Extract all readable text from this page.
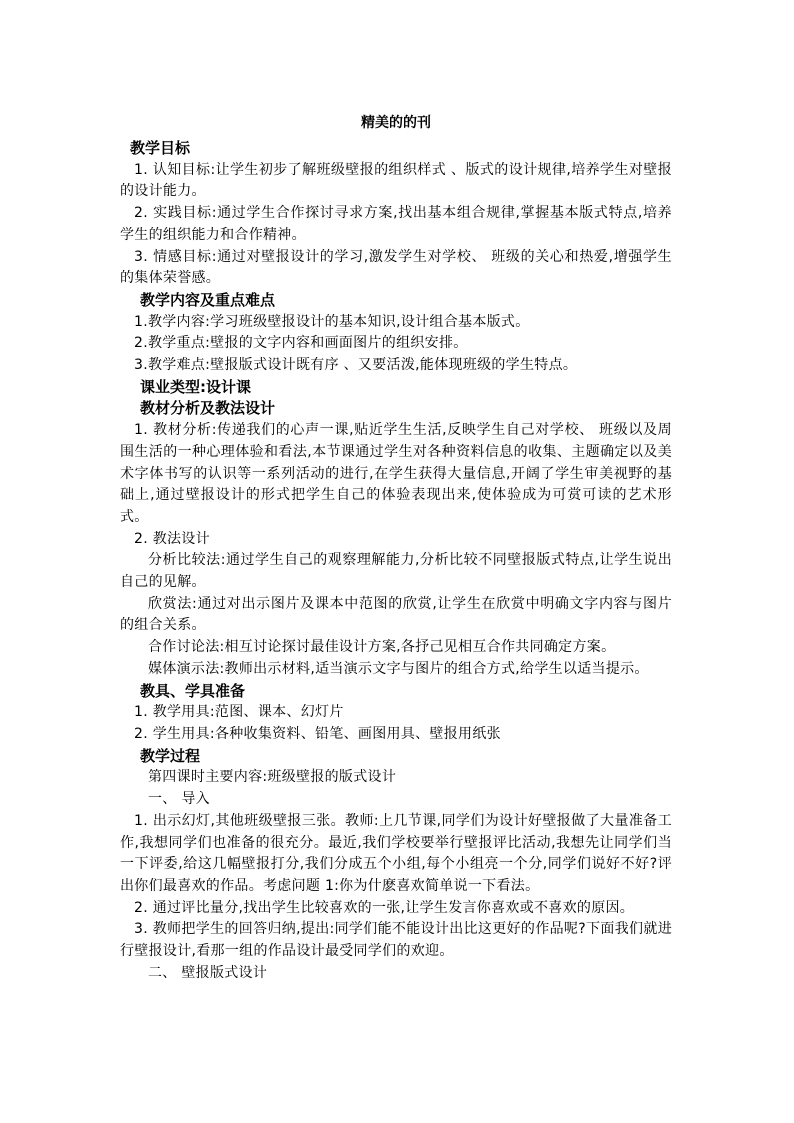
精美的的刊
教学目标

1. 认知目标:让学生初步了解班级壁报的组织样式 、版式的设计规律,培养学生对壁报的设计能力。

2. 实践目标:通过学生合作探讨寻求方案,找出基本组合规律,掌握基本版式特点,培养学生的组织能力和合作精神。

3. 情感目标:通过对壁报设计的学习,激发学生对学校、 班级的关心和热爱,增强学生的集体荣誉感。

教学内容及重点难点

1.教学内容:学习班级壁报设计的基本知识,设计组合基本版式。

2.教学重点:壁报的文字内容和画面图片的组织安排。

3.教学难点:壁报版式设计既有序 、又要活泼,能体现班级的学生特点。

课业类型:设计课
教材分析及教法设计

1. 教材分析:传递我们的心声一课,贴近学生生活,反映学生自己对学校、 班级以及周围生活的一种心理体验和看法,本节课通过学生对各种资料信息的收集、主题确定以及美术字体书写的认识等一系列活动的进行,在学生获得大量信息,开阔了学生审美视野的基础上,通过壁报设计的形式把学生自己的体验表现出来,使体验成为可赏可读的艺术形式。

2. 教法设计

分析比较法:通过学生自己的观察理解能力,分析比较不同壁报版式特点,让学生说出自己的见解。

欣赏法:通过对出示图片及课本中范图的欣赏,让学生在欣赏中明确文字内容与图片的组合关系。

合作讨论法:相互讨论探讨最佳设计方案,各抒己见相互合作共同确定方案。

媒体演示法:教师出示材料,适当演示文字与图片的组合方式,给学生以适当提示。

教具、学具准备

1. 教学用具:范图、课本、幻灯片

2. 学生用具:各种收集资料、铅笔、画图用具、壁报用纸张

教学过程

第四课时主要内容:班级壁报的版式设计

一、 导入

1. 出示幻灯,其他班级壁报三张。教师:上几节课,同学们为设计好壁报做了大量准备工作,我想同学们也准备的很充分。最近,我们学校要举行壁报评比活动,我想先让同学们当一下评委,给这几幅壁报打分,我们分成五个小组,每个小组亮一个分,同学们说好不好?评出你们最喜欢的作品。考虑问题 1:你为什麽喜欢简单说一下看法。

2. 通过评比量分,找出学生比较喜欢的一张,让学生发言你喜欢或不喜欢的原因。

3. 教师把学生的回答归纳,提出:同学们能不能设计出比这更好的作品呢?下面我们就进行壁报设计,看那一组的作品设计最受同学们的欢迎。

二、 壁报版式设计
